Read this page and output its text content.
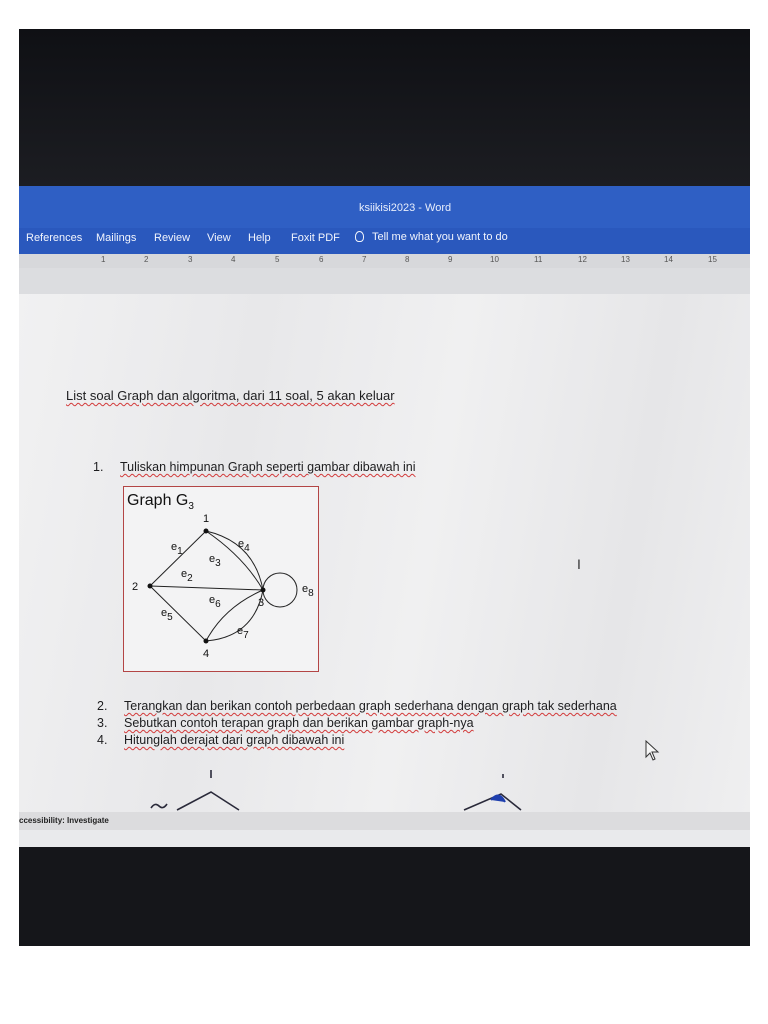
ksiikisi2023 - Word
References Mailings Review View Help Foxit PDF	Tell me what you want to do
1	2	3	4	5	6	7	8	9	10	11	12	13	14	15
List soal Graph dan algoritma, dari 11 soal, 5 akan keluar
1. Tuliskan himpunan Graph seperti gambar dibawah ini
Graph $G_3$
1
2
3
4
e1
e2
e3
e4
e5
e6
e7
e8
I
2. Terangkan dan berikan contoh perbedaan graph sederhana dengan graph tak sederhana
3. Sebutkan contoh terapan graph dan berikan gambar graph-nya
4. Hitunglah derajat dari graph dibawah ini
ccessibility: Investigate
